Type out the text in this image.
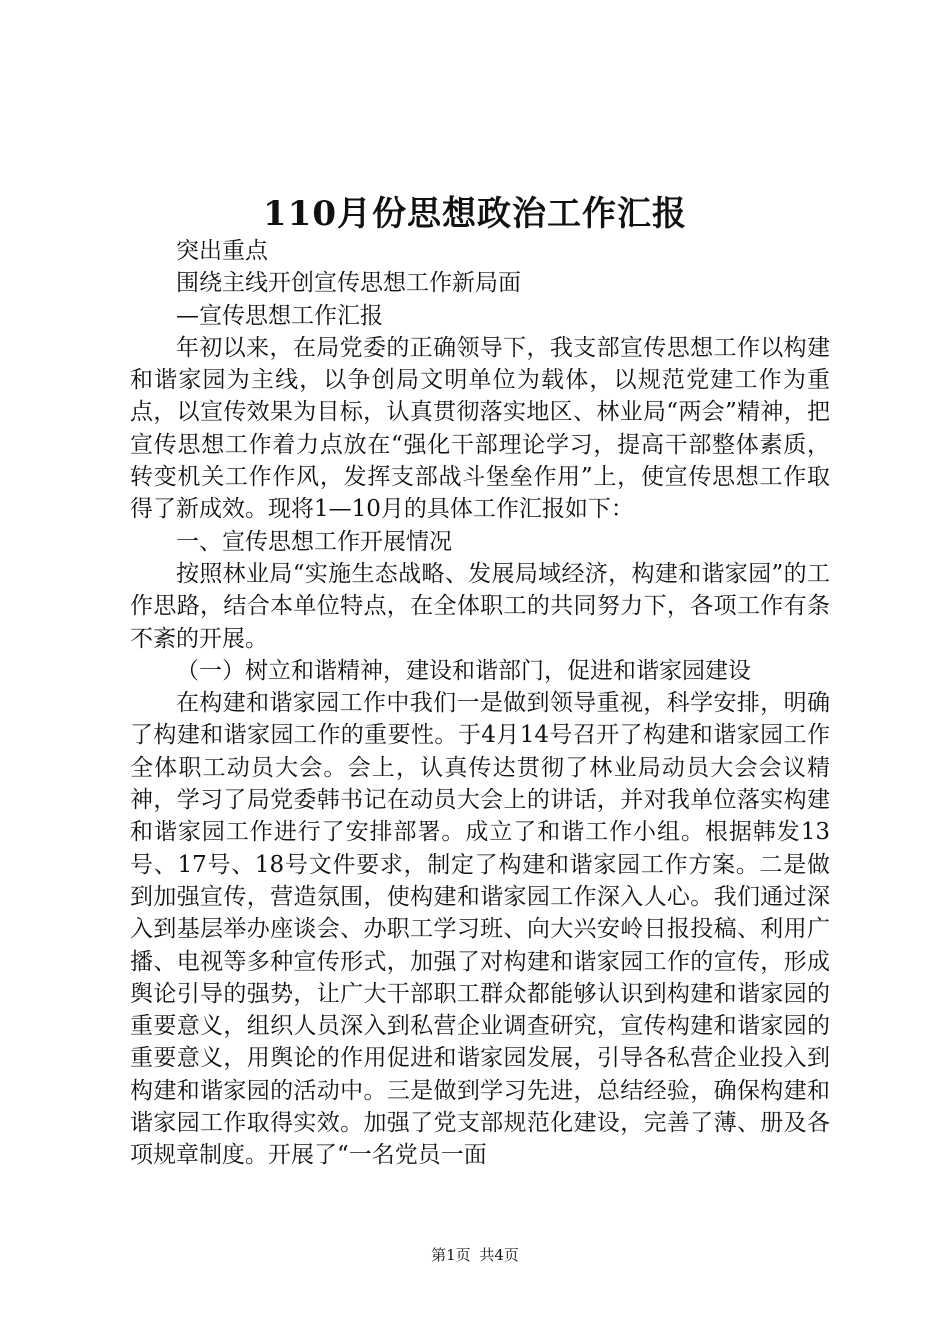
110月份思想政治工作汇报

突出重点

围绕主线开创宣传思想工作新局面

—宣传思想工作汇报

年初以来，在局党委的正确领导下，我支部宣传思想工作以构建和谐家园为主线，以争创局文明单位为载体，以规范党建工作为重点，以宣传效果为目标，认真贯彻落实地区、林业局“两会”精神，把宣传思想工作着力点放在“强化干部理论学习，提高干部整体素质，转变机关工作作风，发挥支部战斗堡垒作用”上，使宣传思想工作取得了新成效。现将1—10月的具体工作汇报如下：

一、宣传思想工作开展情况

按照林业局“实施生态战略、发展局域经济，构建和谐家园”的工作思路，结合本单位特点，在全体职工的共同努力下，各项工作有条不紊的开展。

（一）树立和谐精神，建设和谐部门，促进和谐家园建设

在构建和谐家园工作中我们一是做到领导重视，科学安排，明确了构建和谐家园工作的重要性。于4月14号召开了构建和谐家园工作全体职工动员大会。会上，认真传达贯彻了林业局动员大会会议精神，学习了局党委韩书记在动员大会上的讲话，并对我单位落实构建和谐家园工作进行了安排部署。成立了和谐工作小组。根据韩发13号、17号、18号文件要求，制定了构建和谐家园工作方案。二是做到加强宣传，营造氛围，使构建和谐家园工作深入人心。我们通过深入到基层举办座谈会、办职工学习班、向大兴安岭日报投稿、利用广播、电视等多种宣传形式，加强了对构建和谐家园工作的宣传，形成舆论引导的强势，让广大干部职工群众都能够认识到构建和谐家园的重要意义，组织人员深入到私营企业调查研究，宣传构建和谐家园的重要意义，用舆论的作用促进和谐家园发展，引导各私营企业投入到构建和谐家园的活动中。三是做到学习先进，总结经验，确保构建和谐家园工作取得实效。加强了党支部规范化建设，完善了薄、册及各项规章制度。开展了“一名党员一面

第1页 共4页
